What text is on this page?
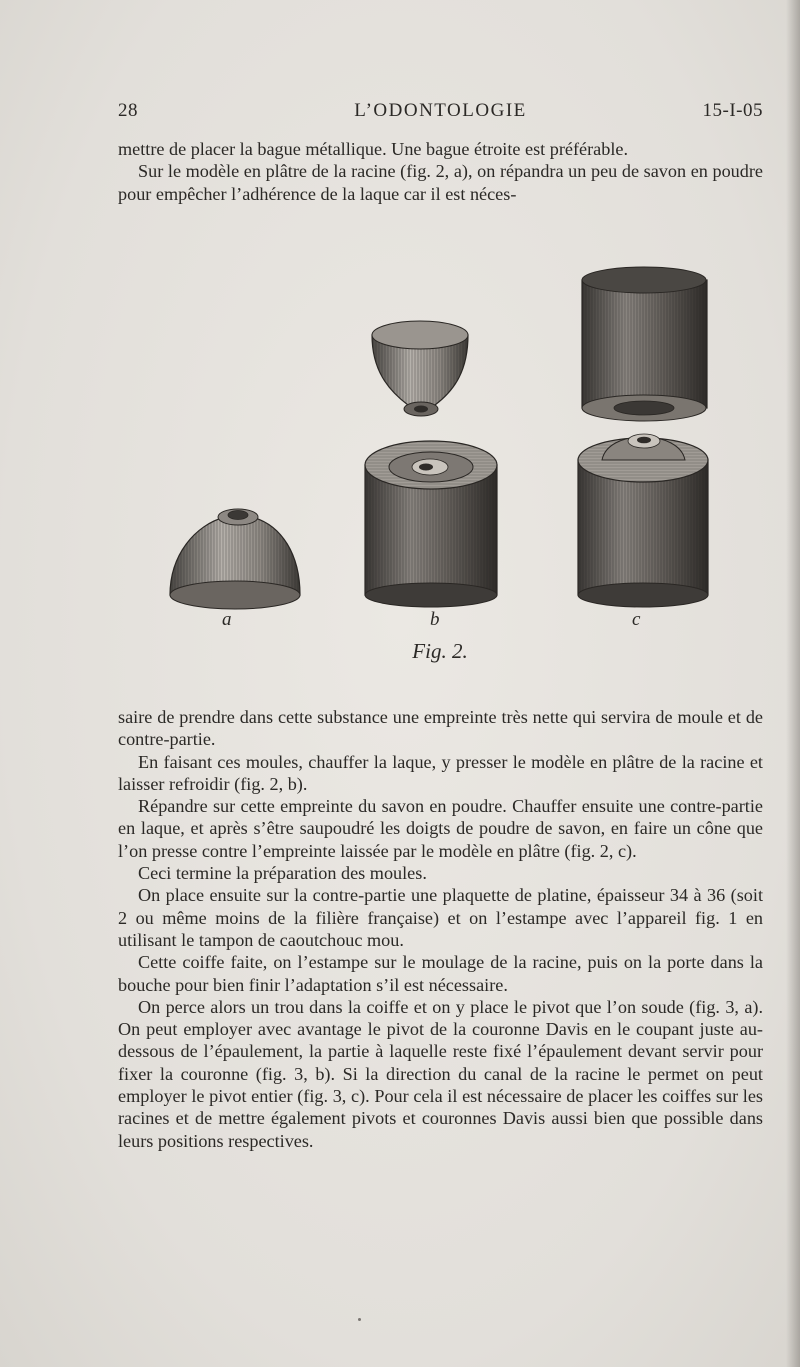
28	L’ODONTOLOGIE	15-I-05

mettre de placer la bague métallique. Une bague étroite est préférable.

Sur le modèle en plâtre de la racine (fig. 2, a), on répandra un peu de savon en poudre pour empêcher l’adhérence de la laque car il est néces-

a	b	c
Fig. 2.

saire de prendre dans cette substance une empreinte très nette qui servira de moule et de contre-partie.

En faisant ces moules, chauffer la laque, y presser le modèle en plâtre de la racine et laisser refroidir (fig. 2, b).

Répandre sur cette empreinte du savon en poudre. Chauffer ensuite une contre-partie en laque, et après s’être saupoudré les doigts de poudre de savon, en faire un cône que l’on presse contre l’empreinte laissée par le modèle en plâtre (fig. 2, c).

Ceci termine la préparation des moules.

On place ensuite sur la contre-partie une plaquette de platine, épaisseur 34 à 36 (soit 2 ou même moins de la filière française) et on l’estampe avec l’appareil fig. 1 en utilisant le tampon de caoutchouc mou.

Cette coiffe faite, on l’estampe sur le moulage de la racine, puis on la porte dans la bouche pour bien finir l’adaptation s’il est nécessaire.

On perce alors un trou dans la coiffe et on y place le pivot que l’on soude (fig. 3, a). On peut employer avec avantage le pivot de la couronne Davis en le coupant juste au-dessous de l’épaulement, la partie à laquelle reste fixé l’épaulement devant servir pour fixer la couronne (fig. 3, b). Si la direction du canal de la racine le permet on peut employer le pivot entier (fig. 3, c). Pour cela il est nécessaire de placer les coiffes sur les racines et de mettre également pivots et couronnes Davis aussi bien que possible dans leurs positions respectives.
